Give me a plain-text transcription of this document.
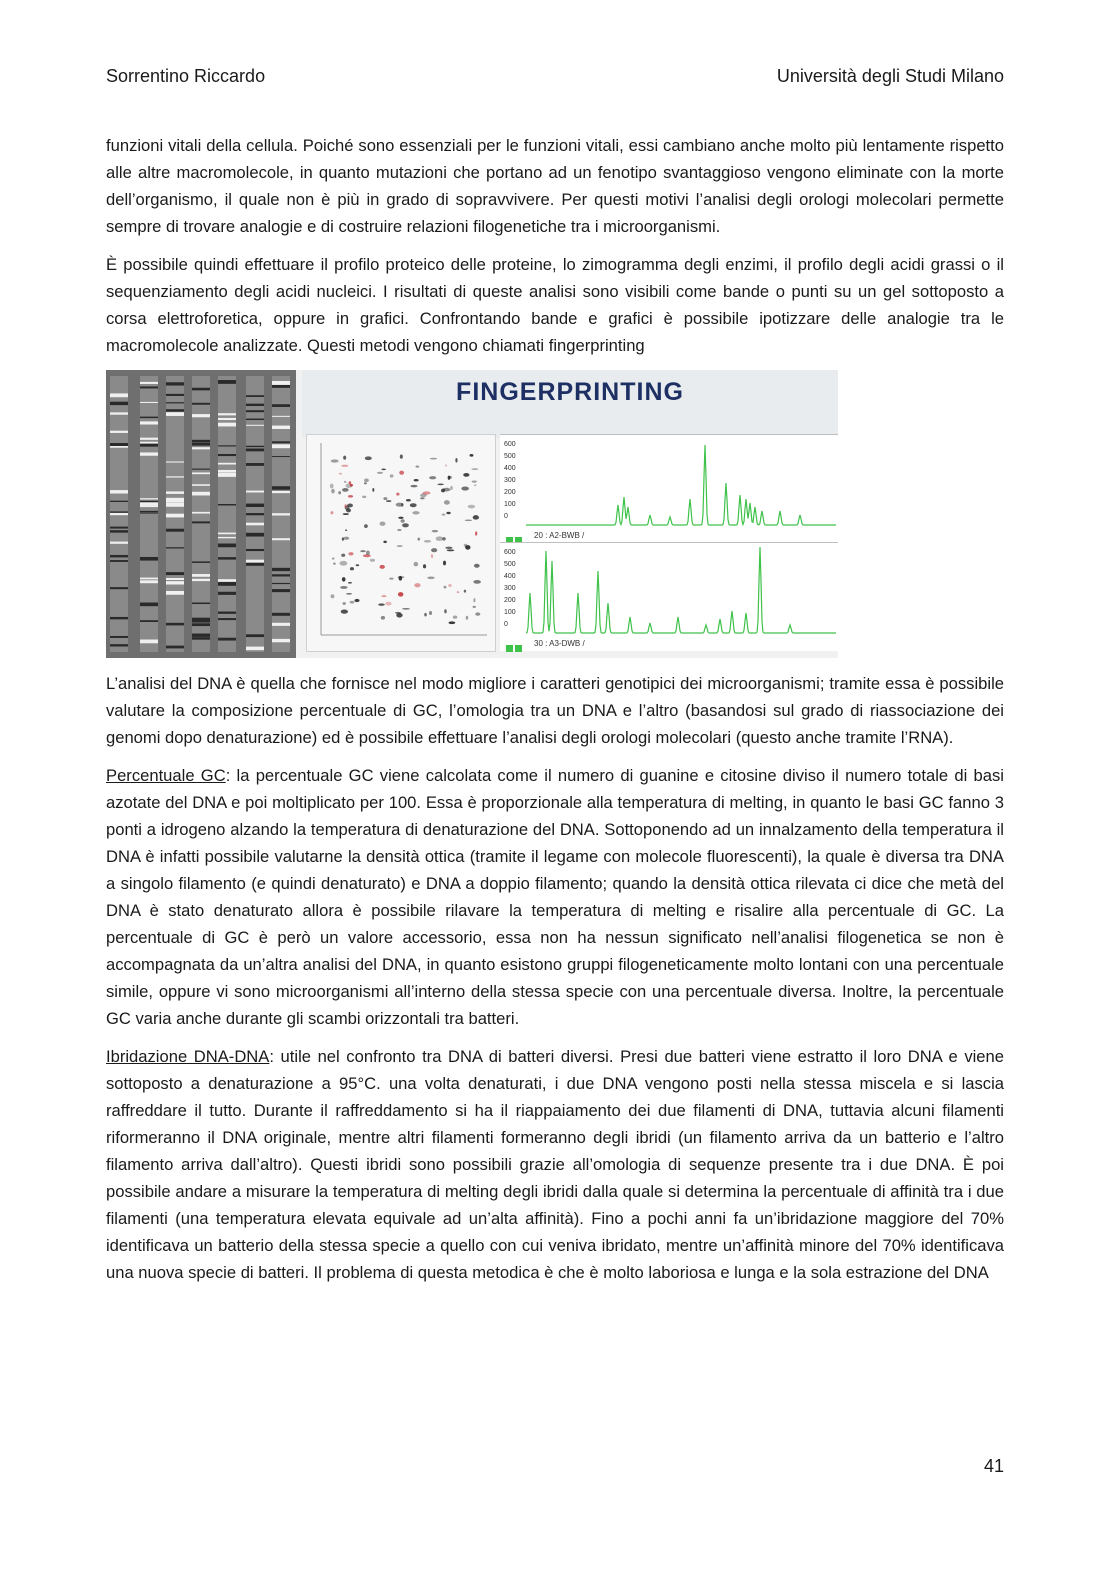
Sorrentino Riccardo	Università degli Studi Milano

funzioni vitali della cellula. Poiché sono essenziali per le funzioni vitali, essi cambiano anche molto più lentamente rispetto alle altre macromolecole, in quanto mutazioni che portano ad un fenotipo svantaggioso vengono eliminate con la morte dell’organismo, il quale non è più in grado di sopravvivere. Per questi motivi l’analisi degli orologi molecolari permette sempre di trovare analogie e di costruire relazioni filogenetiche tra i microorganismi.

È possibile quindi effettuare il profilo proteico delle proteine, lo zimogramma degli enzimi, il profilo degli acidi grassi o il sequenziamento degli acidi nucleici. I risultati di queste analisi sono visibili come bande o punti su un gel sottoposto a corsa elettroforetica, oppure in grafici. Confrontando bande e grafici è possibile ipotizzare delle analogie tra le macromolecole analizzate. Questi metodi vengono chiamati fingerprinting

FINGERPRINTING
600
500
400
300
200
100
0
20 : A2-BWB /
600
500
400
300
200
100
0
30 : A3-DWB /

L’analisi del DNA è quella che fornisce nel modo migliore i caratteri genotipici dei microorganismi; tramite essa è possibile valutare la composizione percentuale di GC, l’omologia tra un DNA e l’altro (basandosi sul grado di riassociazione dei genomi dopo denaturazione) ed è possibile effettuare l’analisi degli orologi molecolari (questo anche tramite l’RNA).

Percentuale GC: la percentuale GC viene calcolata come il numero di guanine e citosine diviso il numero totale di basi azotate del DNA e poi moltiplicato per 100. Essa è proporzionale alla temperatura di melting, in quanto le basi GC fanno 3 ponti a idrogeno alzando la temperatura di denaturazione del DNA. Sottoponendo ad un innalzamento della temperatura il DNA è infatti possibile valutarne la densità ottica (tramite il legame con molecole fluorescenti), la quale è diversa tra DNA a singolo filamento (e quindi denaturato) e DNA a doppio filamento; quando la densità ottica rilevata ci dice che metà del DNA è stato denaturato allora è possibile rilavare la temperatura di melting e risalire alla percentuale di GC. La percentuale di GC è però un valore accessorio, essa non ha nessun significato nell’analisi filogenetica se non è accompagnata da un’altra analisi del DNA, in quanto esistono gruppi filogeneticamente molto lontani con una percentuale simile, oppure vi sono microorganismi all’interno della stessa specie con una percentuale diversa. Inoltre, la percentuale GC varia anche durante gli scambi orizzontali tra batteri.

Ibridazione DNA-DNA: utile nel confronto tra DNA di batteri diversi. Presi due batteri viene estratto il loro DNA e viene sottoposto a denaturazione a 95°C. una volta denaturati, i due DNA vengono posti nella stessa miscela e si lascia raffreddare il tutto. Durante il raffreddamento si ha il riappaiamento dei due filamenti di DNA, tuttavia alcuni filamenti riformeranno il DNA originale, mentre altri filamenti formeranno degli ibridi (un filamento arriva da un batterio e l’altro filamento arriva dall’altro). Questi ibridi sono possibili grazie all’omologia di sequenze presente tra i due DNA. È poi possibile andare a misurare la temperatura di melting degli ibridi dalla quale si determina la percentuale di affinità tra i due filamenti (una temperatura elevata equivale ad un’alta affinità). Fino a pochi anni fa un’ibridazione maggiore del 70% identificava un batterio della stessa specie a quello con cui veniva ibridato, mentre un’affinità minore del 70% identificava una nuova specie di batteri. Il problema di questa metodica è che è molto laboriosa e lunga e la sola estrazione del DNA

41
